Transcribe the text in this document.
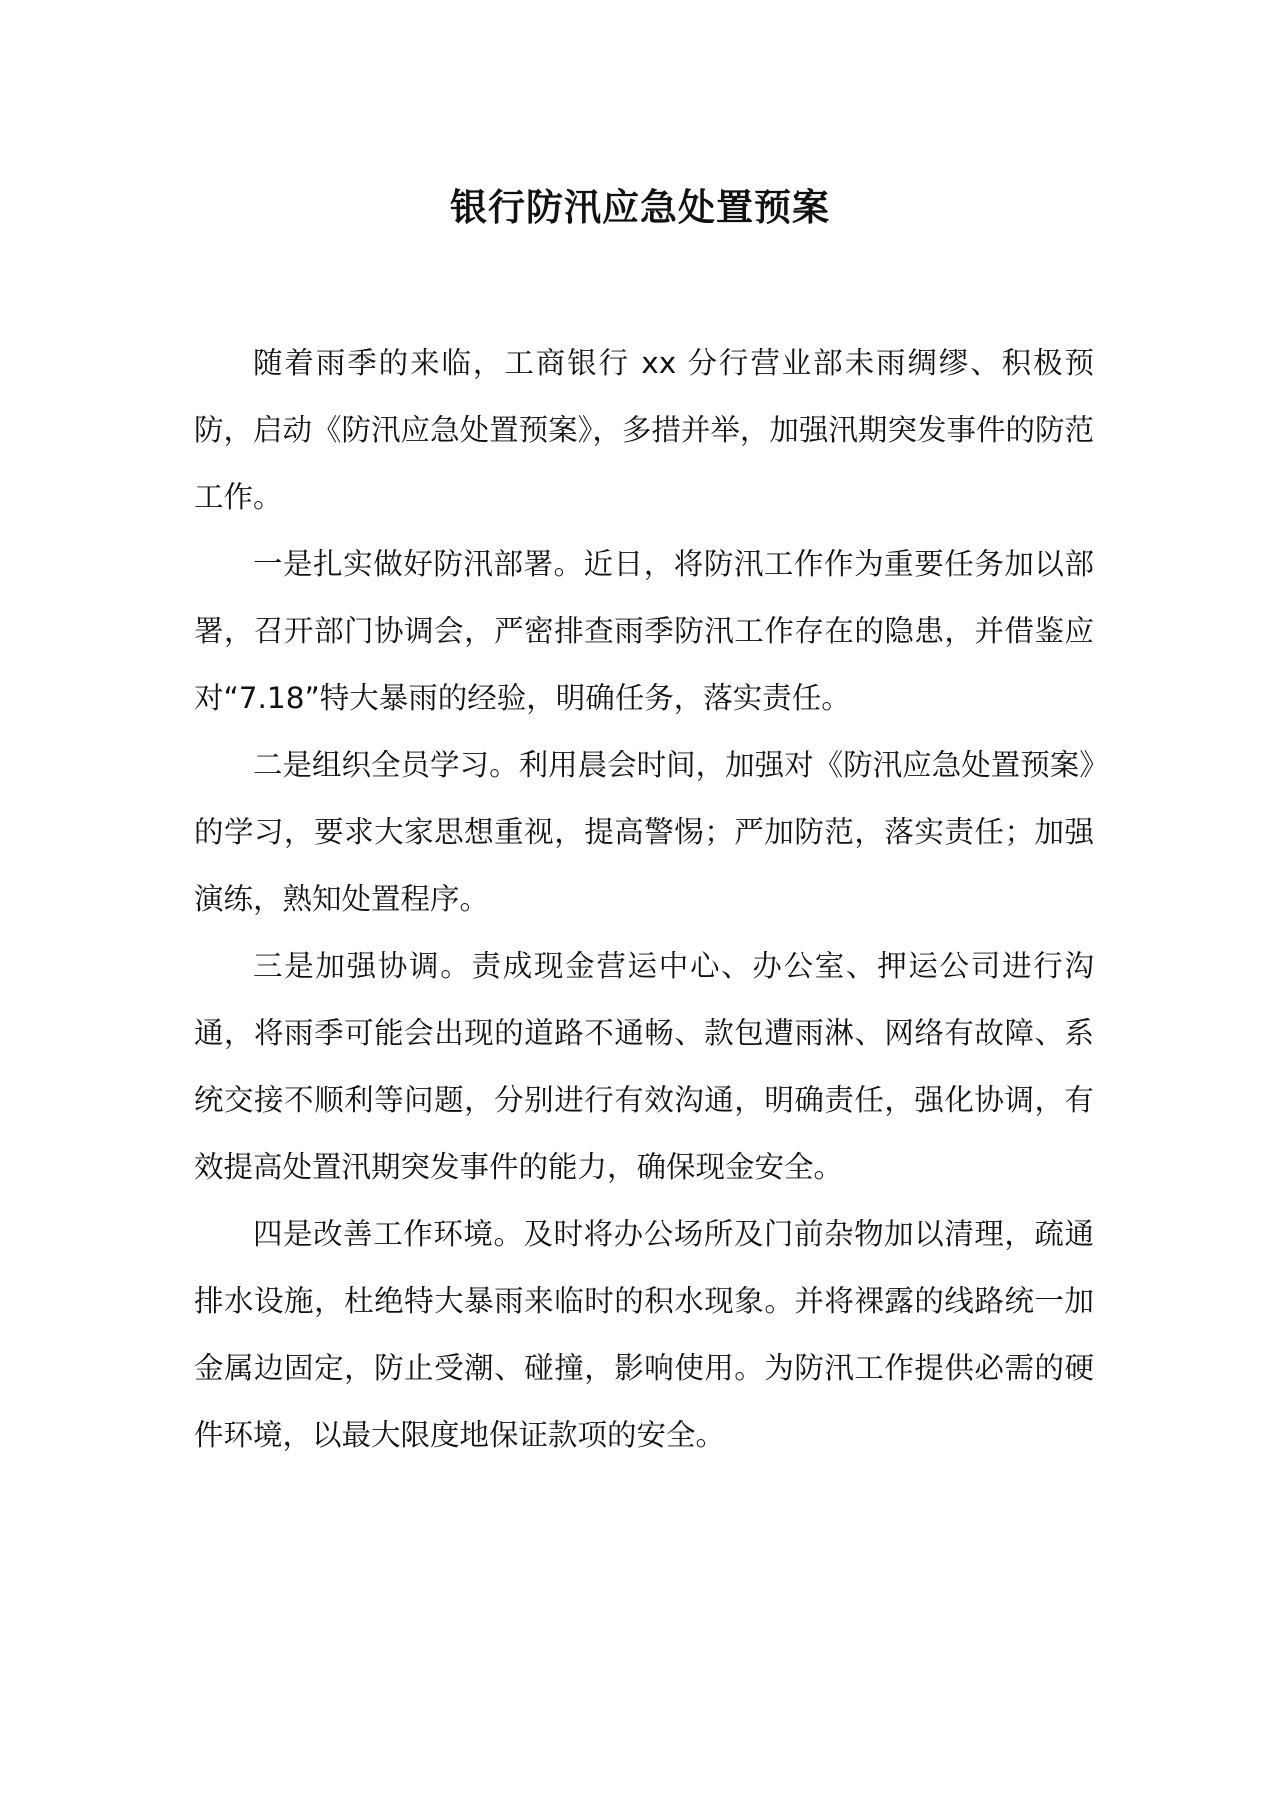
银行防汛应急处置预案

随着雨季的来临，工商银行 xx 分行营业部未雨绸缪、积极预防，启动《防汛应急处置预案》，多措并举，加强汛期突发事件的防范工作。

一是扎实做好防汛部署。近日，将防汛工作作为重要任务加以部署，召开部门协调会，严密排查雨季防汛工作存在的隐患，并借鉴应对“7.18”特大暴雨的经验，明确任务，落实责任。

二是组织全员学习。利用晨会时间，加强对《防汛应急处置预案》的学习，要求大家思想重视，提高警惕；严加防范，落实责任；加强演练，熟知处置程序。

三是加强协调。责成现金营运中心、办公室、押运公司进行沟通，将雨季可能会出现的道路不通畅、款包遭雨淋、网络有故障、系统交接不顺利等问题，分别进行有效沟通，明确责任，强化协调，有效提高处置汛期突发事件的能力，确保现金安全。

四是改善工作环境。及时将办公场所及门前杂物加以清理，疏通排水设施，杜绝特大暴雨来临时的积水现象。并将裸露的线路统一加金属边固定，防止受潮、碰撞，影响使用。为防汛工作提供必需的硬件环境，以最大限度地保证款项的安全。
